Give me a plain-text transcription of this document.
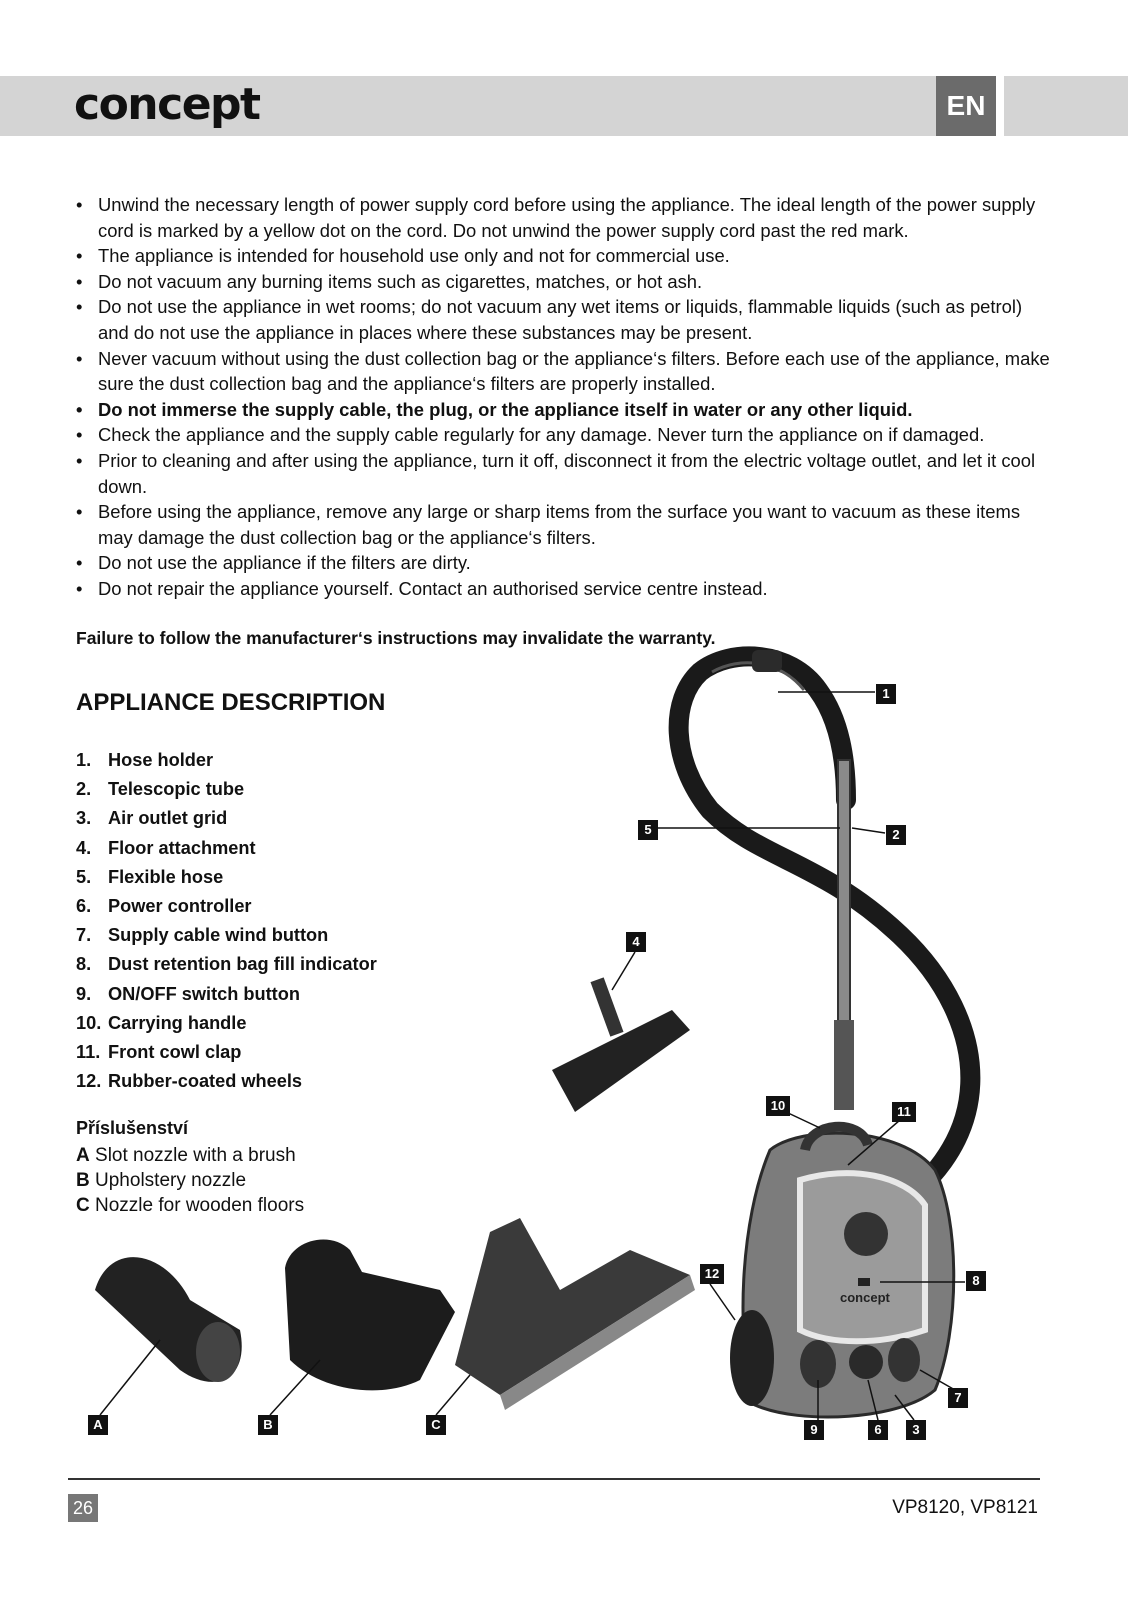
concept	EN
• Unwind the necessary length of power supply cord before using the appliance. The ideal length of the power supply cord is marked by a yellow dot on the cord. Do not unwind the power supply cord past the red mark.
• The appliance is intended for household use only and not for commercial use.
• Do not vacuum any burning items such as cigarettes, matches, or hot ash.
• Do not use the appliance in wet rooms; do not vacuum any wet items or liquids, flammable liquids (such as petrol) and do not use the appliance in places where these substances may be present.
• Never vacuum without using the dust collection bag or the appliance‘s filters. Before each use of the appliance, make sure the dust collection bag and the appliance‘s filters are properly installed.
• Do not immerse the supply cable, the plug, or the appliance itself in water or any other liquid.
• Check the appliance and the supply cable regularly for any damage. Never turn the appliance on if damaged.
• Prior to cleaning and after using the appliance, turn it off, disconnect it from the electric voltage outlet, and let it cool down.
• Before using the appliance, remove any large or sharp items from the surface you want to vacuum as these items may damage the dust collection bag or the appliance‘s filters.
• Do not use the appliance if the filters are dirty.
• Do not repair the appliance yourself. Contact an authorised service centre instead.
Failure to follow the manufacturer‘s instructions may invalidate the warranty.
APPLIANCE DESCRIPTION
1. Hose holder
2. Telescopic tube
3. Air outlet grid
4. Floor attachment
5. Flexible hose
6. Power controller
7. Supply cable wind button
8. Dust retention bag fill indicator
9. ON/OFF switch button
10. Carrying handle
11. Front cowl clap
12. Rubber-coated wheels
Příslušenství
A Slot nozzle with a brush
B Upholstery nozzle
C Nozzle for wooden floors
concept
1
2
3
4
5
6
7
8
9
10	11
12
A	B	C
26	VP8120, VP8121
